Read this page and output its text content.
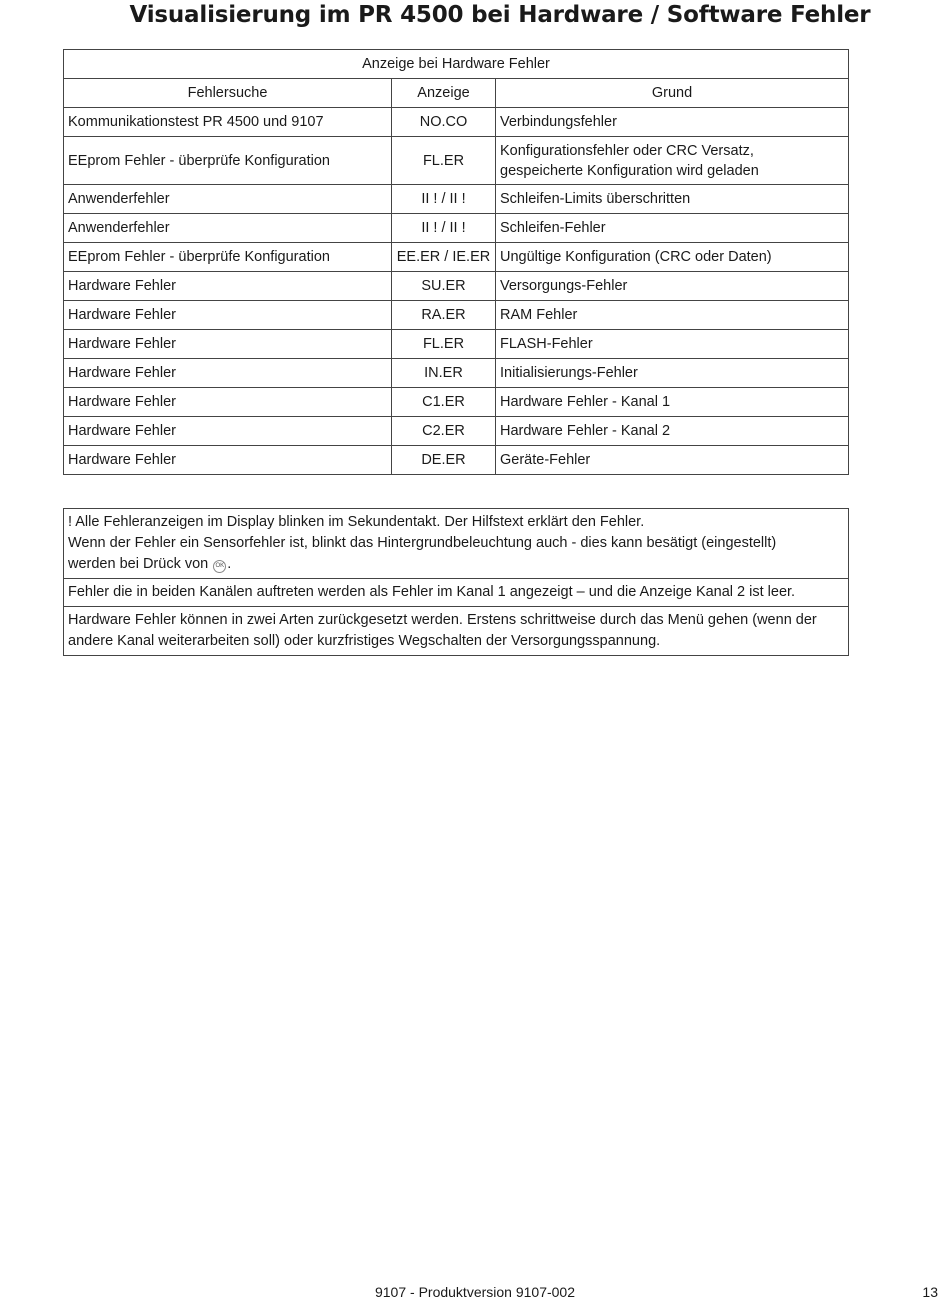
Visualisierung im PR 4500 bei Hardware / Software Fehler
Anzeige bei Hardware Fehler		
Fehlersuche	Anzeige	Grund
Kommunikationstest PR 4500 und 9107	NO.CO	Verbindungsfehler
EEprom Fehler - überprüfe Konfiguration	FL.ER	Konfigurationsfehler oder CRC Versatz,
gespeicherte Konfiguration wird geladen

Anwenderfehler	II ! / II !	Schleifen-Limits überschritten
Anwenderfehler	II ! / II !	Schleifen-Fehler
EEprom Fehler - überprüfe Konfiguration	EE.ER / IE.ER	Ungültige Konfiguration (CRC oder Daten)
Hardware Fehler	SU.ER	Versorgungs-Fehler
Hardware Fehler	RA.ER	RAM Fehler
Hardware Fehler	FL.ER	FLASH-Fehler
Hardware Fehler	IN.ER	Initialisierungs-Fehler
Hardware Fehler	C1.ER	Hardware Fehler - Kanal 1
Hardware Fehler	C2.ER	Hardware Fehler - Kanal 2
Hardware Fehler	DE.ER	Geräte-Fehler
! Alle Fehleranzeigen im Display blinken im Sekundentakt. Der Hilfstext erklärt den Fehler.
Wenn der Fehler ein Sensorfehler ist, blinkt das Hintergrundbeleuchtung auch - dies kann besätigt (eingestellt)
werden bei Drück von OK .
Fehler die in beiden Kanälen auftreten werden als Fehler im Kanal 1 angezeigt – und die Anzeige Kanal 2 ist leer.
Hardware Fehler können in zwei Arten zurückgesetzt werden. Erstens schrittweise durch das Menü gehen (wenn der andere Kanal weiterarbeiten soll) oder kurzfristiges Wegschalten der Versorgungsspannung.
9107 - Produktversion 9107-002	13
